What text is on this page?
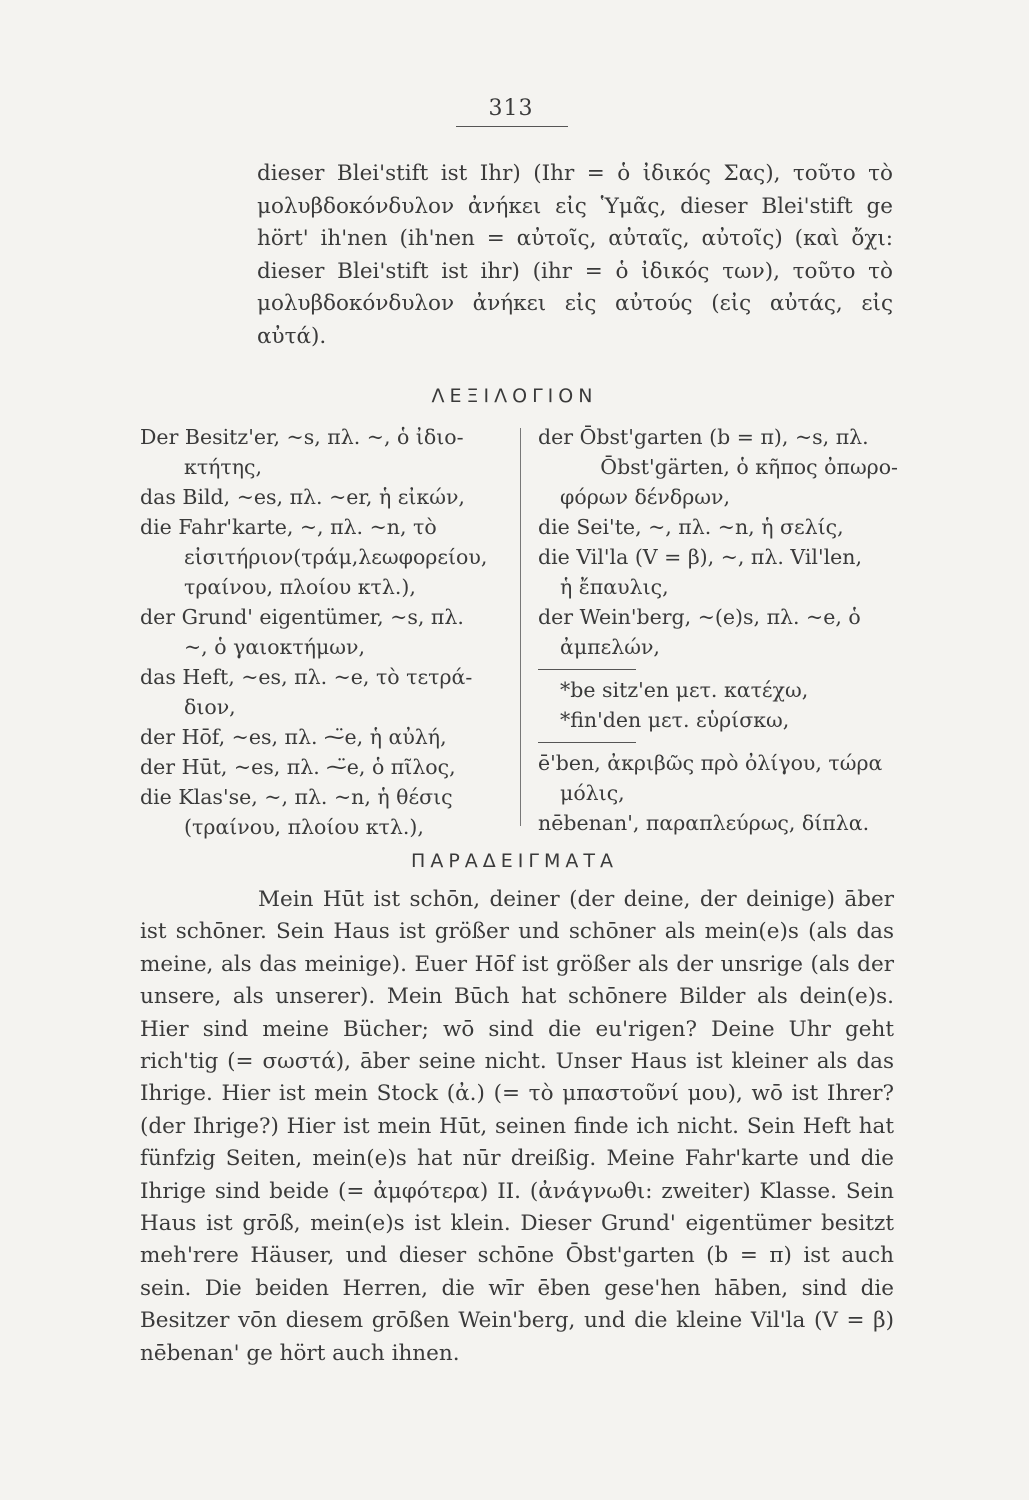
313
dieser Blei'stift ist Ihr) (Ihr = ὁ ἰδικός Σας), τοῦτο τὸ μολυβδοκόνδυλον ἀνήκει εἰς Ὑμᾶς, dieser Blei'stift ge hört' ih'nen (ih'nen = αὐτοῖς, αὐταῖς, αὐτοῖς) (καὶ ὄχι: dieser Blei'stift ist ihr) (ihr = ὁ ἰδικός των), τοῦτο τὸ μολυβδοκόνδυλον ἀνήκει εἰς αὐτούς (εἰς αὐτάς, εἰς αὐτά).
ΛΕΞΙΛΟΓΙΟΝ
Der Besitz'er, ~s, πλ. ~, ὁ ἰδιο-
κτήτης,
das Bild, ~es, πλ. ~er, ἡ εἰκών,
die Fahr'karte, ~, πλ. ~n, τὸ
εἰσιτήριον(τράμ,λεωφορείου,
τραίνου, πλοίου κτλ.),
der Grund' eigentümer, ~s, πλ.
~, ὁ γαιοκτήμων,
das Heft, ~es, πλ. ~e, τὸ τετρά-
διον,
der Hōf, ~es, πλ. ⁓̈e, ἡ αὐλή,
der Hūt, ~es, πλ. ⁓̈e, ὁ πῖλος,
die Klas'se, ~, πλ. ~n, ἡ θέσις
(τραίνου, πλοίου κτλ.),
der Ōbst'garten (b = π), ~s, πλ.
Ōbst'gärten, ὁ κῆπος ὀπωρο-
φόρων δένδρων,
die Sei'te, ~, πλ. ~n, ἡ σελίς,
die Vil'la (V = β), ~, πλ. Vil'len,
ἡ ἔπαυλις,
der Wein'berg, ~(e)s, πλ. ~e, ὁ
ἀμπελών,
*be sitz'en μετ. κατέχω,
*fin'den μετ. εὑρίσκω,
ē'ben, ἀκριβῶς πρὸ ὀλίγου, τώρα
μόλις,
nēbenan', παραπλεύρως, δίπλα.
ΠΑΡΑΔΕΙΓΜΑΤΑ

Mein Hūt ist schōn, deiner (der deine, der deinige) āber ist schōner. Sein Haus ist größer und schōner als mein(e)s (als das meine, als das meinige). Euer Hōf ist größer als der unsrige (als der unsere, als unserer). Mein Būch hat schōnere Bilder als dein(e)s. Hier sind meine Bücher; wō sind die eu'rigen? Deine Uhr geht rich'tig (= σωστά), āber seine nicht. Unser Haus ist kleiner als das Ihrige. Hier ist mein Stock (ἀ.) (= τὸ μπαστοῦνί μου), wō ist Ihrer? (der Ihrige?) Hier ist mein Hūt, seinen finde ich nicht. Sein Heft hat fünfzig Seiten, mein(e)s hat nūr dreißig. Meine Fahr'karte und die Ihrige sind beide (= ἀμφότερα) II. (ἀνάγνωθι: zweiter) Klasse. Sein Haus ist grōß, mein(e)s ist klein. Dieser Grund' eigentümer besitzt meh'rere Häuser, und dieser schōne Ōbst'garten (b = π) ist auch sein. Die beiden Herren, die wīr ēben gese'hen hāben, sind die Besitzer vōn diesem grōßen Wein'berg, und die kleine Vil'la (V = β) nēbenan' ge hört auch ihnen.
